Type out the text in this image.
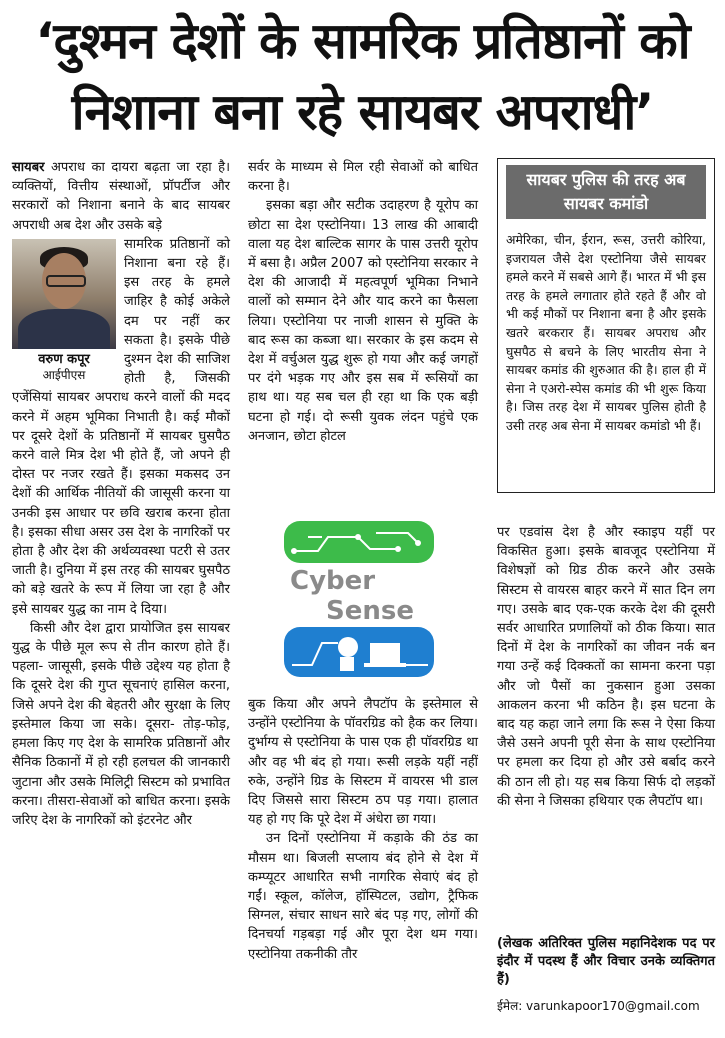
‘दुश्मन देशों के सामरिक प्रतिष्ठानों को
निशाना बना रहे सायबर अपराधी’

सायबर अपराध का दायरा बढ़ता जा रहा है। व्यक्तियों, वित्तीय संस्थाओं, प्रॉपर्टीज और सरकारों को निशाना बनाने के बाद सायबर अपराधी अब देश और उसके बड़े

वरुण कपूर
आईपीएस

सामरिक प्रतिष्ठानों को निशाना बना रहे हैं। इस तरह के हमले जाहिर है कोई अकेले दम पर नहीं कर सकता है। इसके पीछे दुश्मन देश की साजिश होती है, जिसकी एजेंसियां सायबर अपराध करने वालों की मदद करने में अहम भूमिका निभाती है। कई मौकों पर दूसरे देशों के प्रतिष्ठानों में सायबर घुसपैठ करने वाले मित्र देश भी होते हैं, जो अपने ही दोस्त पर नजर रखते हैं। इसका मकसद उन देशों की आर्थिक नीतियों की जासूसी करना या उनकी इस आधार पर छवि खराब करना होता है। इसका सीधा असर उस देश के नागरिकों पर होता है और देश की अर्थव्यवस्था पटरी से उतर जाती है। दुनिया में इस तरह की सायबर घुसपैठ को बड़े खतरे के रूप में लिया जा रहा है और इसे सायबर युद्ध का नाम दे दिया।

किसी और देश द्वारा प्रायोजित इस सायबर युद्ध के पीछे मूल रूप से तीन कारण होते हैं। पहला- जासूसी, इसके पीछे उद्देश्य यह होता है कि दूसरे देश की गुप्त सूचनाएं हासिल करना, जिसे अपने देश की बेहतरी और सुरक्षा के लिए इस्तेमाल किया जा सके। दूसरा- तोड़-फोड़, हमला किए गए देश के सामरिक प्रतिष्ठानों और सैनिक ठिकानों में हो रही हलचल की जानकारी जुटाना और उसके मिलिट्री सिस्टम को प्रभावित करना। तीसरा-सेवाओं को बाधित करना। इसके जरिए देश के नागरिकों को इंटरनेट और

सर्वर के माध्यम से मिल रही सेवाओं को बाधित करना है।

इसका बड़ा और सटीक उदाहरण है यूरोप का छोटा सा देश एस्टोनिया। 13 लाख की आबादी वाला यह देश बाल्टिक सागर के पास उत्तरी यूरोप में बसा है। अप्रैल 2007 को एस्टोनिया सरकार ने देश की आजादी में महत्वपूर्ण भूमिका निभाने वालों को सम्मान देने और याद करने का फैसला लिया। एस्टोनिया पर नाजी शासन से मुक्ति के बाद रूस का कब्जा था। सरकार के इस कदम से देश में वर्चुअल युद्ध शुरू हो गया और कई जगहों पर दंगे भड़क गए और इस सब में रूसियों का हाथ था। यह सब चल ही रहा था कि एक बड़ी घटना हो गई। दो रूसी युवक लंदन पहुंचे एक अनजान, छोटा होटल

Cyber
Sense

बुक किया और अपने लैपटॉप के इस्तेमाल से उन्होंने एस्टोनिया के पॉवरग्रिड को हैक कर लिया। दुर्भाग्य से एस्टोनिया के पास एक ही पॉवरग्रिड था और वह भी बंद हो गया। रूसी लड़के यहीं नहीं रुके, उन्होंने ग्रिड के सिस्टम में वायरस भी डाल दिए जिससे सारा सिस्टम ठप पड़ गया। हालात यह हो गए कि पूरे देश में अंधेरा छा गया।

उन दिनों एस्टोनिया में कड़ाके की ठंड का मौसम था। बिजली सप्लाय बंद होने से देश में कम्प्यूटर आधारित सभी नागरिक सेवाएं बंद हो गईं। स्कूल, कॉलेज, हॉस्पिटल, उद्योग, ट्रैफिक सिग्नल, संचार साधन सारे बंद पड़ गए, लोगों की दिनचर्या गड़बड़ा गई और पूरा देश थम गया। एस्टोनिया तकनीकी तौर

सायबर पुलिस की तरह अब सायबर कमांडो
अमेरिका, चीन, ईरान, रूस, उत्तरी कोरिया, इजरायल जैसे देश एस्टोनिया जैसे सायबर हमले करने में सबसे आगे हैं। भारत में भी इस तरह के हमले लगातार होते रहते हैं और वो भी कई मौकों पर निशाना बना है और इसके खतरे बरकरार हैं। सायबर अपराध और घुसपैठ से बचने के लिए भारतीय सेना ने सायबर कमांड की शुरुआत की है। हाल ही में सेना ने एअरो-स्पेस कमांड की भी शुरू किया है। जिस तरह देश में सायबर पुलिस होती है उसी तरह अब सेना में सायबर कमांडो भी हैं।

पर एडवांस देश है और स्काइप यहीं पर विकसित हुआ। इसके बावजूद एस्टोनिया में विशेषज्ञों को ग्रिड ठीक करने और उसके सिस्टम से वायरस बाहर करने में सात दिन लग गए। उसके बाद एक-एक करके देश की दूसरी सर्वर आधारित प्रणालियों को ठीक किया। सात दिनों में देश के नागरिकों का जीवन नर्क बन गया उन्हें कई दिक्कतों का सामना करना पड़ा और जो पैसों का नुकसान हुआ उसका आकलन करना भी कठिन है। इस घटना के बाद यह कहा जाने लगा कि रूस ने ऐसा किया जैसे उसने अपनी पूरी सेना के साथ एस्टोनिया पर हमला कर दिया हो और उसे बर्बाद करने की ठान ली हो। यह सब किया सिर्फ दो लड़कों की सेना ने जिसका हथियार एक लैपटॉप था।

(लेखक अतिरिक्त पुलिस महानिदेशक पद पर इंदौर में पदस्थ हैं और विचार उनके व्यक्तिगत हैं)
ईमेल: varunkapoor170@gmail.com
